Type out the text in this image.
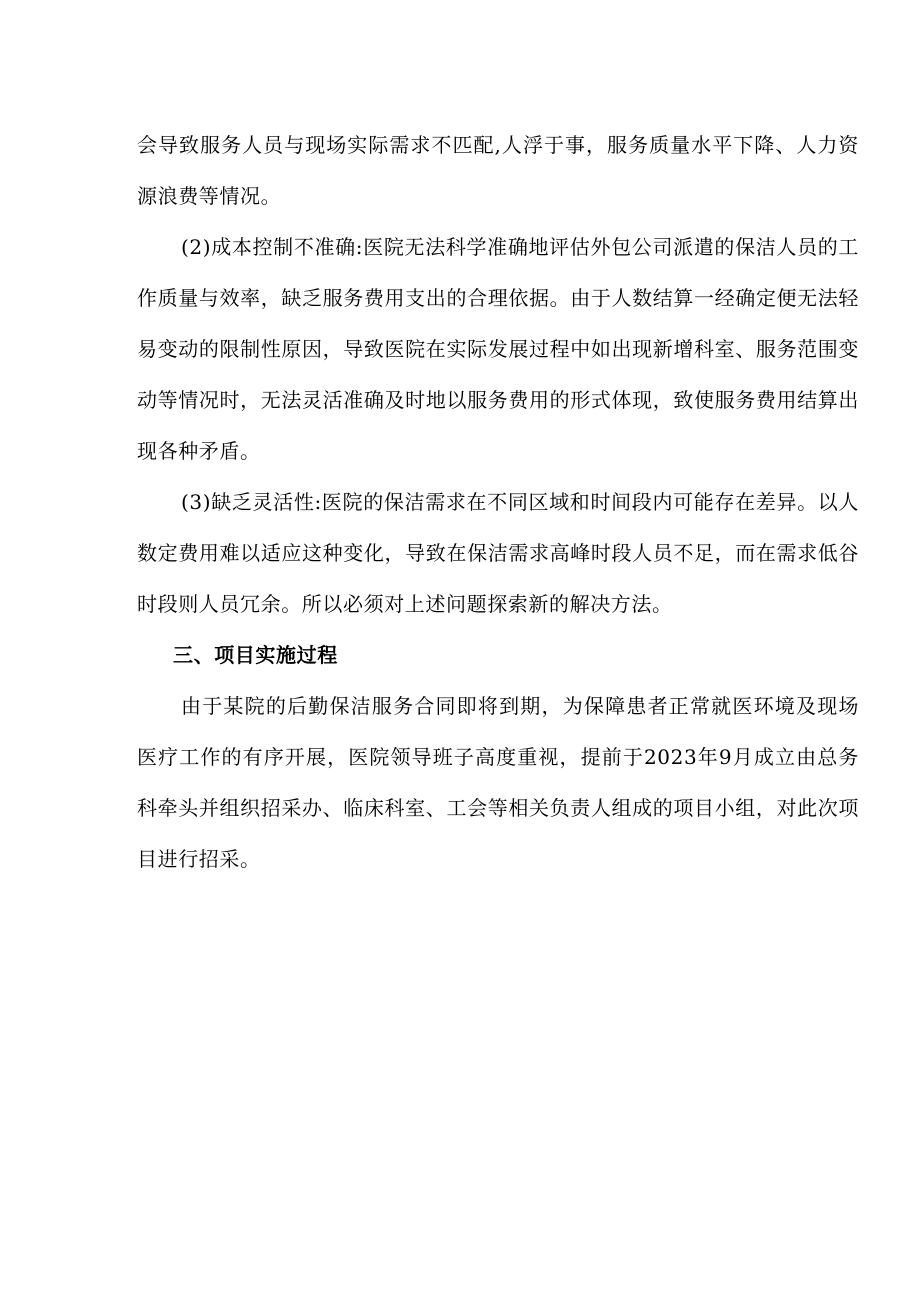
会导致服务人员与现场实际需求不匹配,人浮于事，服务质量水平下降、人力资源浪费等情况。

(2)成本控制不准确:医院无法科学准确地评估外包公司派遣的保洁人员的工作质量与效率，缺乏服务费用支出的合理依据。由于人数结算一经确定便无法轻易变动的限制性原因，导致医院在实际发展过程中如出现新增科室、服务范围变动等情况时，无法灵活准确及时地以服务费用的形式体现，致使服务费用结算出现各种矛盾。

(3)缺乏灵活性:医院的保洁需求在不同区域和时间段内可能存在差异。以人数定费用难以适应这种变化，导致在保洁需求高峰时段人员不足，而在需求低谷时段则人员冗余。所以必须对上述问题探索新的解决方法。

三、项目实施过程

由于某院的后勤保洁服务合同即将到期，为保障患者正常就医环境及现场医疗工作的有序开展，医院领导班子高度重视，提前于2023年9月成立由总务科牵头并组织招采办、临床科室、工会等相关负责人组成的项目小组，对此次项目进行招采。
